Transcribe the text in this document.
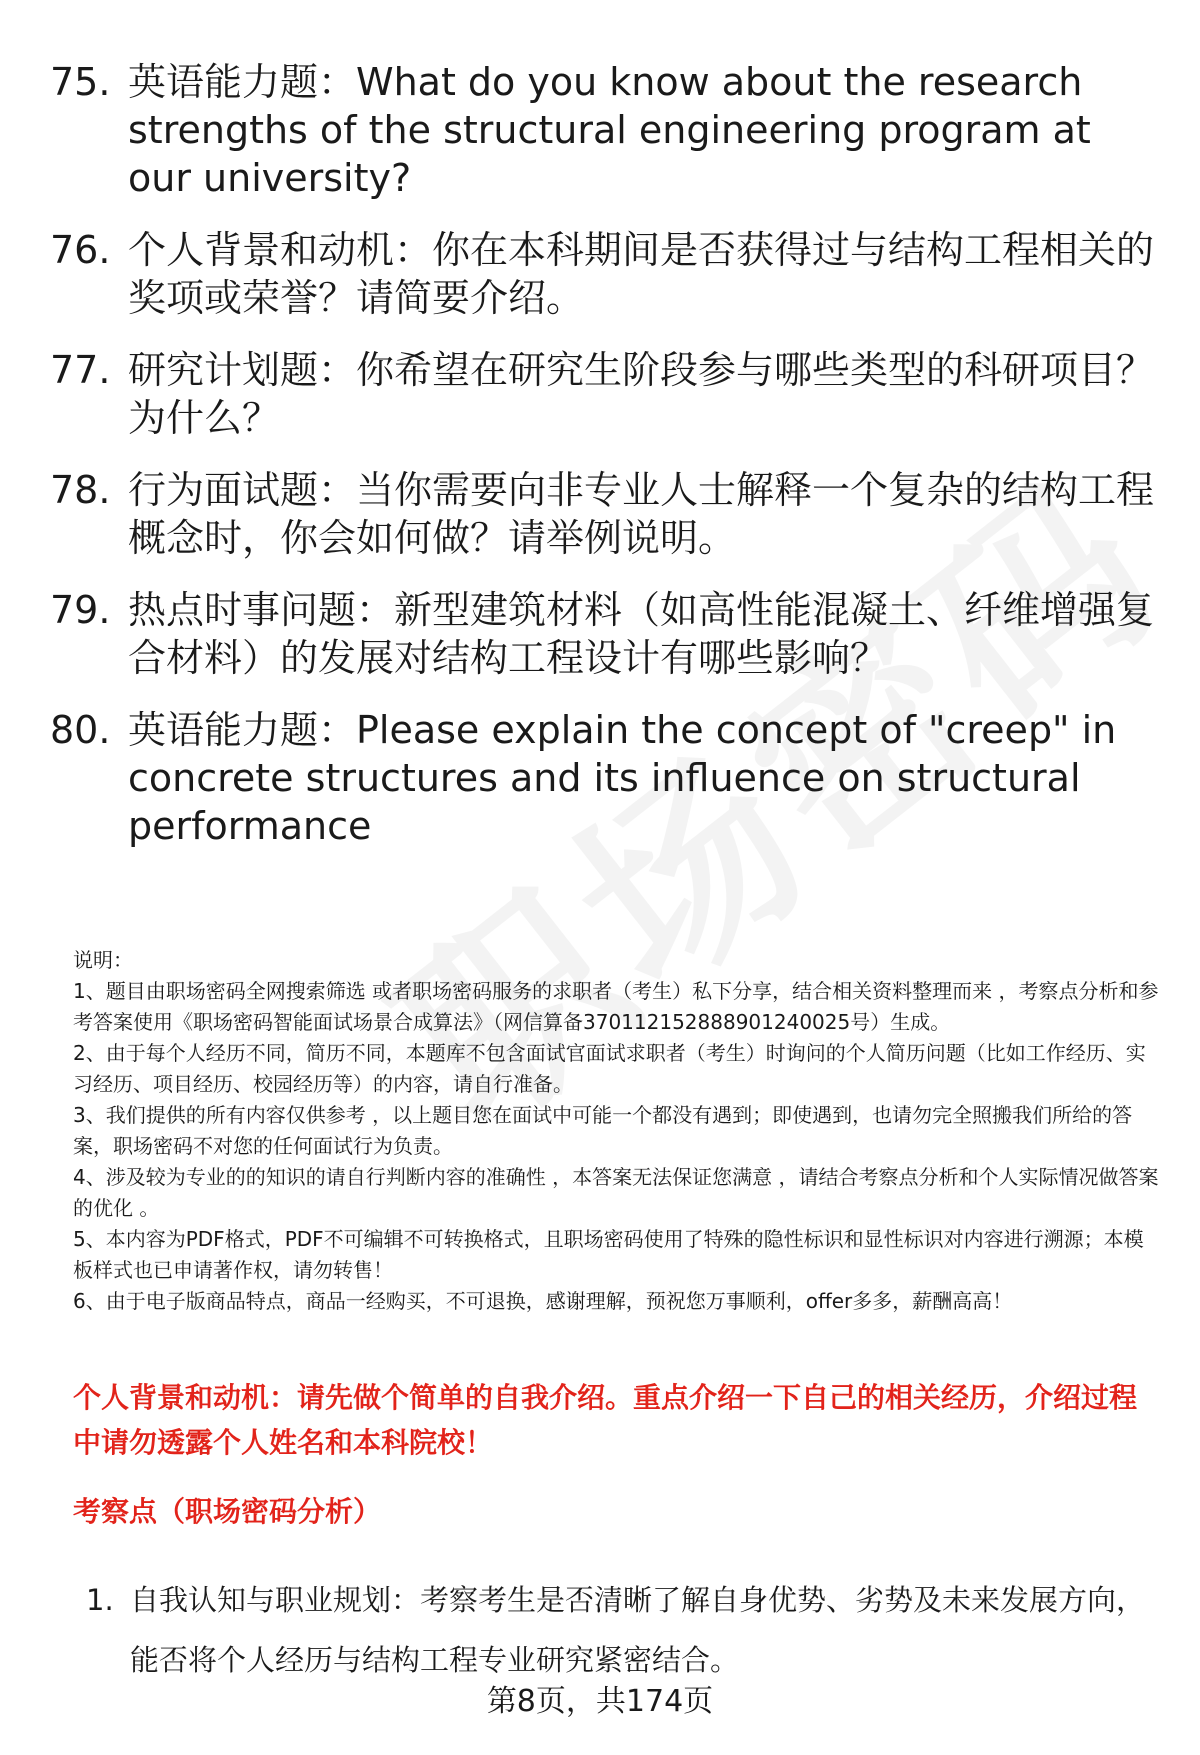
75. 英语能力题：What do you know about the research strengths of the structural engineering program at our university?
76. 个人背景和动机：你在本科期间是否获得过与结构工程相关的奖项或荣誉？请简要介绍。
77. 研究计划题：你希望在研究生阶段参与哪些类型的科研项目？为什么？
78. 行为面试题：当你需要向非专业人士解释一个复杂的结构工程概念时，你会如何做？请举例说明。
79. 热点时事问题：新型建筑材料（如高性能混凝土、纤维增强复合材料）的发展对结构工程设计有哪些影响？
80. 英语能力题：Please explain the concept of "creep" in concrete structures and its influence on structural performance

说明：

1、题目由职场密码全网搜索筛选 或者职场密码服务的求职者（考生）私下分享，结合相关资料整理而来 ，考察点分析和参考答案使用《职场密码智能面试场景合成算法》（网信算备370112152888901240025号）生成。

2、由于每个人经历不同，简历不同，本题库不包含面试官面试求职者（考生）时询问的个人简历问题（比如工作经历、实习经历、项目经历、校园经历等）的内容，请自行准备。

3、我们提供的所有内容仅供参考 ，以上题目您在面试中可能一个都没有遇到；即使遇到，也请勿完全照搬我们所给的答案，职场密码不对您的任何面试行为负责。

4、涉及较为专业的的知识的请自行判断内容的准确性 ，本答案无法保证您满意 ，请结合考察点分析和个人实际情况做答案的优化 。

5、本内容为PDF格式，PDF不可编辑不可转换格式，且职场密码使用了特殊的隐性标识和显性标识对内容进行溯源；本模板样式也已申请著作权，请勿转售！

6、由于电子版商品特点，商品一经购买，不可退换，感谢理解，预祝您万事顺利，offer多多，薪酬高高！

个人背景和动机：请先做个简单的自我介绍。重点介绍一下自己的相关经历，介绍过程中请勿透露个人姓名和本科院校！
考察点（职场密码分析）
1. 自我认知与职业规划：考察考生是否清晰了解自身优势、劣势及未来发展方向，能否将个人经历与结构工程专业研究紧密结合。
第8页，共174页
